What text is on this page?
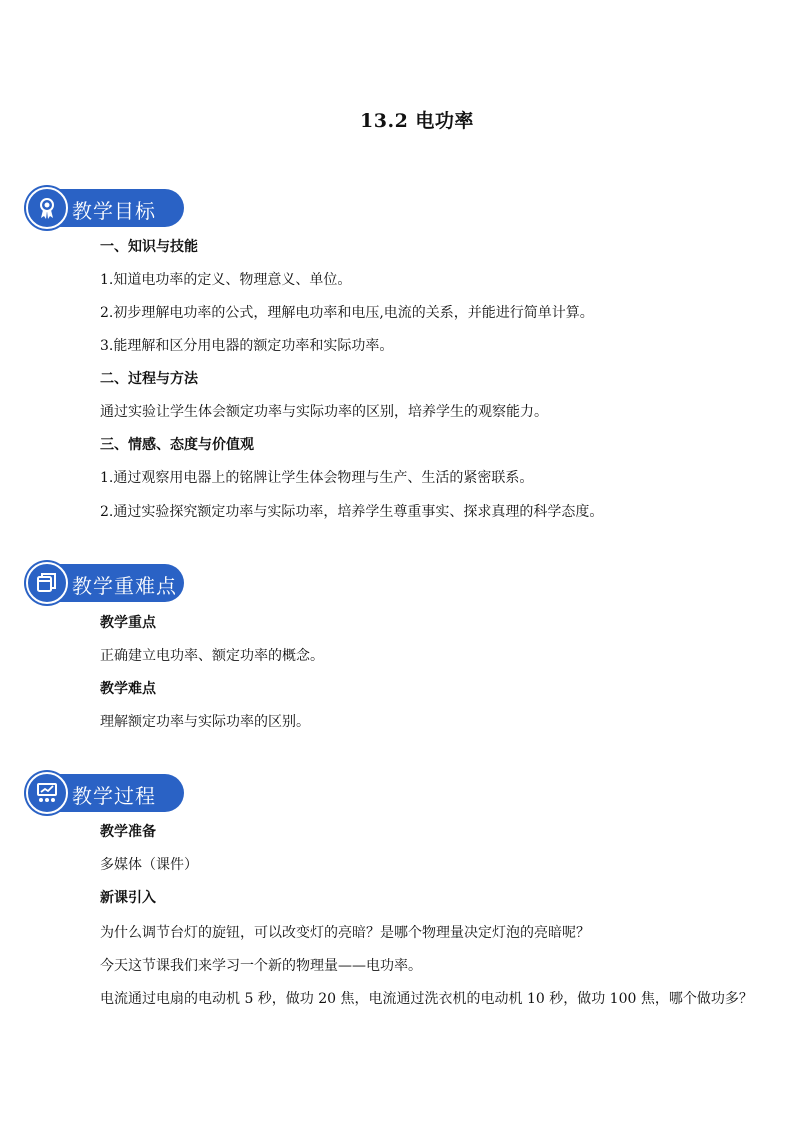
13.2 电功率
教学目标
一、知识与技能
1.知道电功率的定义、物理意义、单位。
2.初步理解电功率的公式，理解电功率和电压,电流的关系，并能进行简单计算。
3.能理解和区分用电器的额定功率和实际功率。
二、过程与方法
通过实验让学生体会额定功率与实际功率的区别，培养学生的观察能力。
三、情感、态度与价值观
1.通过观察用电器上的铭牌让学生体会物理与生产、生活的紧密联系。
2.通过实验探究额定功率与实际功率，培养学生尊重事实、探求真理的科学态度。
教学重难点
教学重点
正确建立电功率、额定功率的概念。
教学难点
理解额定功率与实际功率的区别。
教学过程
教学准备
多媒体（课件）
新课引入
为什么调节台灯的旋钮，可以改变灯的亮暗？是哪个物理量决定灯泡的亮暗呢？
今天这节课我们来学习一个新的物理量——电功率。
电流通过电扇的电动机 5 秒，做功 20 焦，电流通过洗衣机的电动机 10 秒，做功 100 焦，哪个做功多？
